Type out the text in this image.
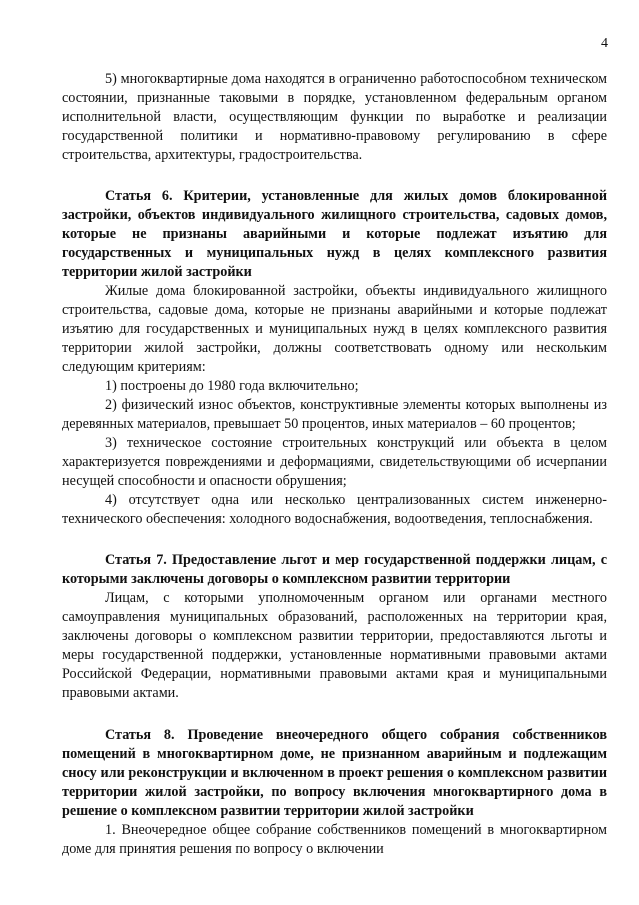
4

5) многоквартирные дома находятся в ограниченно работоспособном техническом состоянии, признанные таковыми в порядке, установленном федеральным органом исполнительной власти, осуществляющим функции по выработке и реализации государственной политики и нормативно-правовому регулированию в сфере строительства, архитектуры, градостроительства.

Статья 6. Критерии, установленные для жилых домов блокированной застройки, объектов индивидуального жилищного строительства, садовых домов, которые не признаны аварийными и которые подлежат изъятию для государственных и муниципальных нужд в целях комплексного развития территории жилой застройки

Жилые дома блокированной застройки, объекты индивидуального жилищного строительства, садовые дома, которые не признаны аварийными и которые подлежат изъятию для государственных и муниципальных нужд в целях комплексного развития территории жилой застройки, должны соответствовать одному или нескольким следующим критериям:

1) построены до 1980 года включительно;

2) физический износ объектов, конструктивные элементы которых выполнены из деревянных материалов, превышает 50 процентов, иных материалов – 60 процентов;

3) техническое состояние строительных конструкций или объекта в целом характеризуется повреждениями и деформациями, свидетельствующими об исчерпании несущей способности и опасности обрушения;

4) отсутствует одна или несколько централизованных систем инженерно-технического обеспечения: холодного водоснабжения, водоотведения, теплоснабжения.

Статья 7. Предоставление льгот и мер государственной поддержки лицам, с которыми заключены договоры о комплексном развитии территории

Лицам, с которыми уполномоченным органом или органами местного самоуправления муниципальных образований, расположенных на территории края, заключены договоры о комплексном развитии территории, предоставляются льготы и меры государственной поддержки, установленные нормативными правовыми актами Российской Федерации, нормативными правовыми актами края и муниципальными правовыми актами.

Статья 8. Проведение внеочередного общего собрания собственников помещений в многоквартирном доме, не признанном аварийным и подлежащим сносу или реконструкции и включенном в проект решения о комплексном развитии территории жилой застройки, по вопросу включения многоквартирного дома в решение о комплексном развитии территории жилой застройки

1. Внеочередное общее собрание собственников помещений в многоквартирном доме для принятия решения по вопросу о включении
